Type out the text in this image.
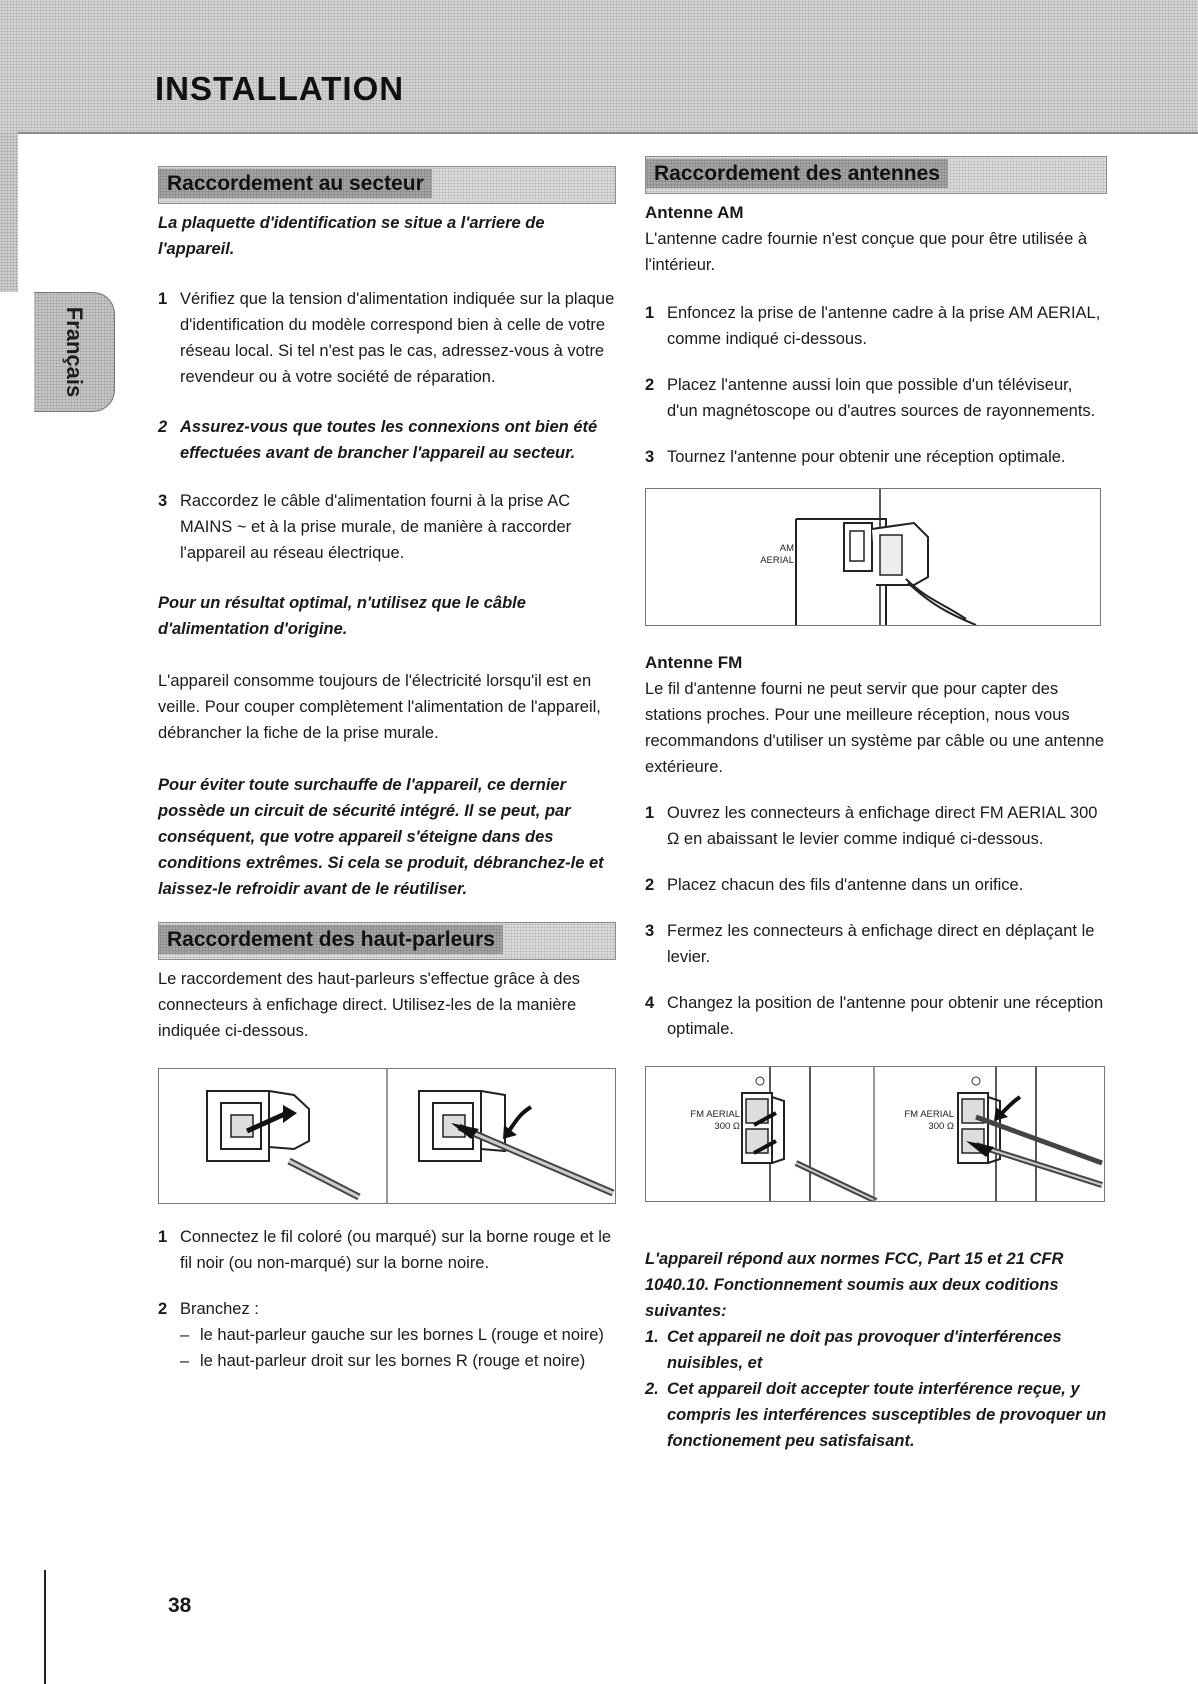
INSTALLATION
Français
Raccordement au secteur

La plaquette d'identification se situe a l'arriere de l'appareil.

1 Vérifiez que la tension d'alimentation indiquée sur la plaque d'identification du modèle correspond bien à celle de votre réseau local. Si tel n'est pas le cas, adressez-vous à votre revendeur ou à votre société de réparation.

2 Assurez-vous que toutes les connexions ont bien été effectuées avant de brancher l'appareil au secteur.

3 Raccordez le câble d'alimentation fourni à la prise AC MAINS ~ et à la prise murale, de manière à raccorder l'appareil au réseau électrique.

Pour un résultat optimal, n'utilisez que le câble d'alimentation d'origine.

L'appareil consomme toujours de l'électricité lorsqu'il est en veille. Pour couper complètement l'alimentation de l'appareil, débrancher la fiche de la prise murale.

Pour éviter toute surchauffe de l'appareil, ce dernier possède un circuit de sécurité intégré. Il se peut, par conséquent, que votre appareil s'éteigne dans des conditions extrêmes. Si cela se produit, débranchez-le et laissez-le refroidir avant de le réutiliser.

Raccordement des haut-parleurs

Le raccordement des haut-parleurs s'effectue grâce à des connecteurs à enfichage direct. Utilisez-les de la manière indiquée ci-dessous.

1 Connectez le fil coloré (ou marqué) sur la borne rouge et le fil noir (ou non-marqué) sur la borne noire.

2 Branchez :

– le haut-parleur gauche sur les bornes L (rouge et noire)

– le haut-parleur droit sur les bornes R (rouge et noire)

Raccordement des antennes

Antenne AM

L'antenne cadre fournie n'est conçue que pour être utilisée à l'intérieur.

1 Enfoncez la prise de l'antenne cadre à la prise AM AERIAL, comme indiqué ci-dessous.

2 Placez l'antenne aussi loin que possible d'un téléviseur, d'un magnétoscope ou d'autres sources de rayonnements.

3 Tournez l'antenne pour obtenir une réception optimale.

AM
AERIAL

Antenne FM

Le fil d'antenne fourni ne peut servir que pour capter des stations proches. Pour une meilleure réception, nous vous recommandons d'utiliser un système par câble ou une antenne extérieure.

1 Ouvrez les connecteurs à enfichage direct FM AERIAL 300 Ω en abaissant le levier comme indiqué ci-dessous.

2 Placez chacun des fils d'antenne dans un orifice.

3 Fermez les connecteurs à enfichage direct en déplaçant le levier.

4 Changez la position de l'antenne pour obtenir une réception optimale.

FM AERIAL
300 Ω
FM AERIAL
300 Ω

L'appareil répond aux normes FCC, Part 15 et 21 CFR 1040.10. Fonctionnement soumis aux deux coditions suivantes:

1. Cet appareil ne doit pas provoquer d'interférences nuisibles, et

2. Cet appareil doit accepter toute interférence reçue, y compris les interférences susceptibles de provoquer un fonctionement peu satisfaisant.

38
